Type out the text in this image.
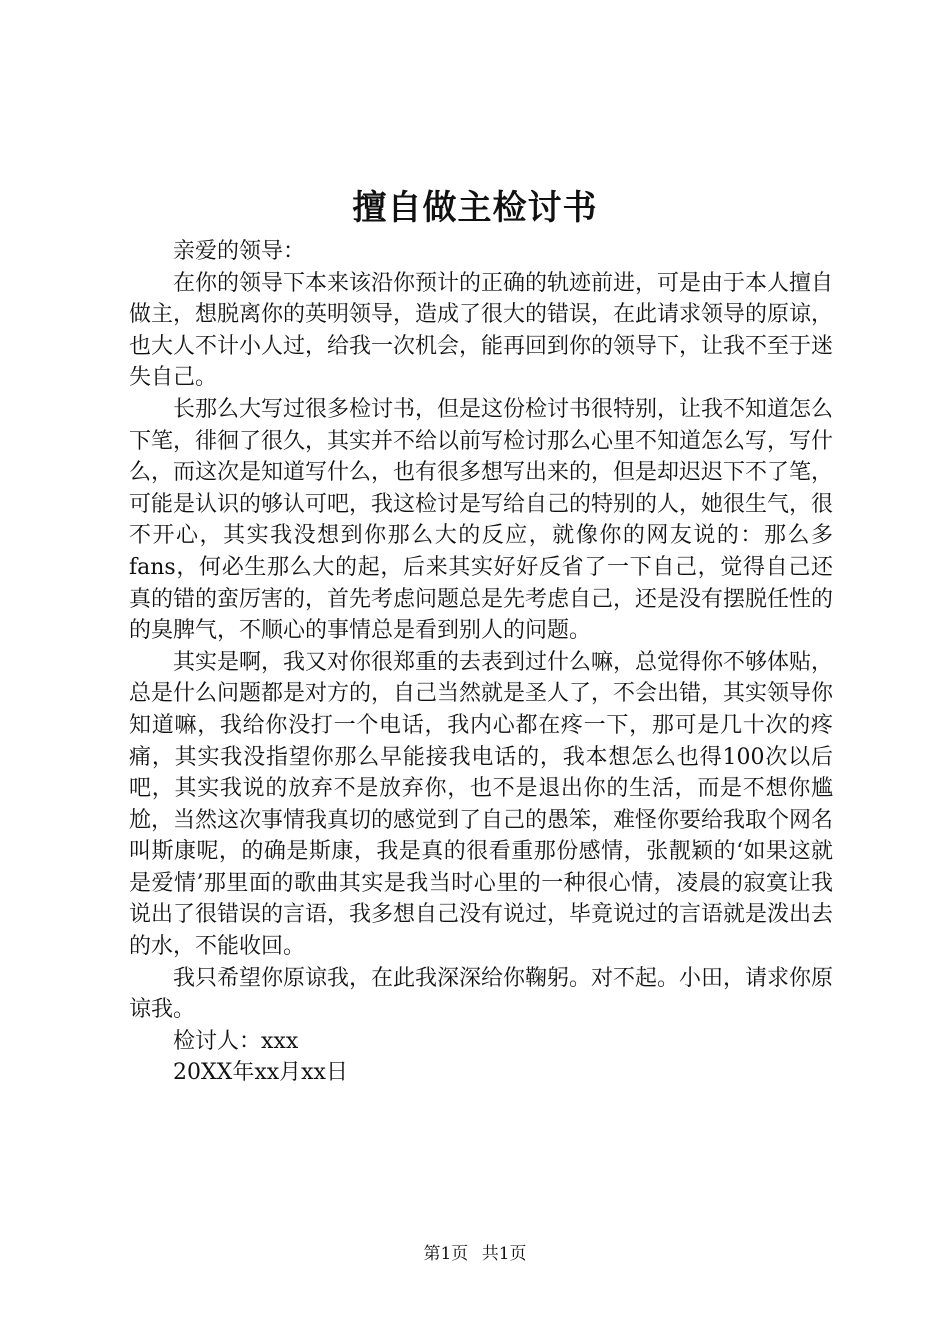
擅自做主检讨书

亲爱的领导：

在你的领导下本来该沿你预计的正确的轨迹前进，可是由于本人擅自做主，想脱离你的英明领导，造成了很大的错误，在此请求领导的原谅，也大人不计小人过，给我一次机会，能再回到你的领导下，让我不至于迷失自己。

长那么大写过很多检讨书，但是这份检讨书很特别，让我不知道怎么下笔，徘徊了很久，其实并不给以前写检讨那么心里不知道怎么写，写什么，而这次是知道写什么，也有很多想写出来的，但是却迟迟下不了笔，可能是认识的够认可吧，我这检讨是写给自己的特别的人，她很生气，很不开心，其实我没想到你那么大的反应，就像你的网友说的：那么多fans，何必生那么大的起，后来其实好好反省了一下自己，觉得自己还真的错的蛮厉害的，首先考虑问题总是先考虑自己，还是没有摆脱任性的的臭脾气，不顺心的事情总是看到别人的问题。

其实是啊，我又对你很郑重的去表到过什么嘛，总觉得你不够体贴，总是什么问题都是对方的，自己当然就是圣人了，不会出错，其实领导你知道嘛，我给你没打一个电话，我内心都在疼一下，那可是几十次的疼痛，其实我没指望你那么早能接我电话的，我本想怎么也得100次以后吧，其实我说的放弃不是放弃你，也不是退出你的生活，而是不想你尴尬，当然这次事情我真切的感觉到了自己的愚笨，难怪你要给我取个网名叫斯康呢，的确是斯康，我是真的很看重那份感情，张靓颖的‘如果这就是爱情’那里面的歌曲其实是我当时心里的一种很心情，凌晨的寂寞让我说出了很错误的言语，我多想自己没有说过，毕竟说过的言语就是泼出去的水，不能收回。

我只希望你原谅我，在此我深深给你鞠躬。对不起。小田，请求你原谅我。

检讨人：xxx
20XX年xx月xx日
第1页 共1页
